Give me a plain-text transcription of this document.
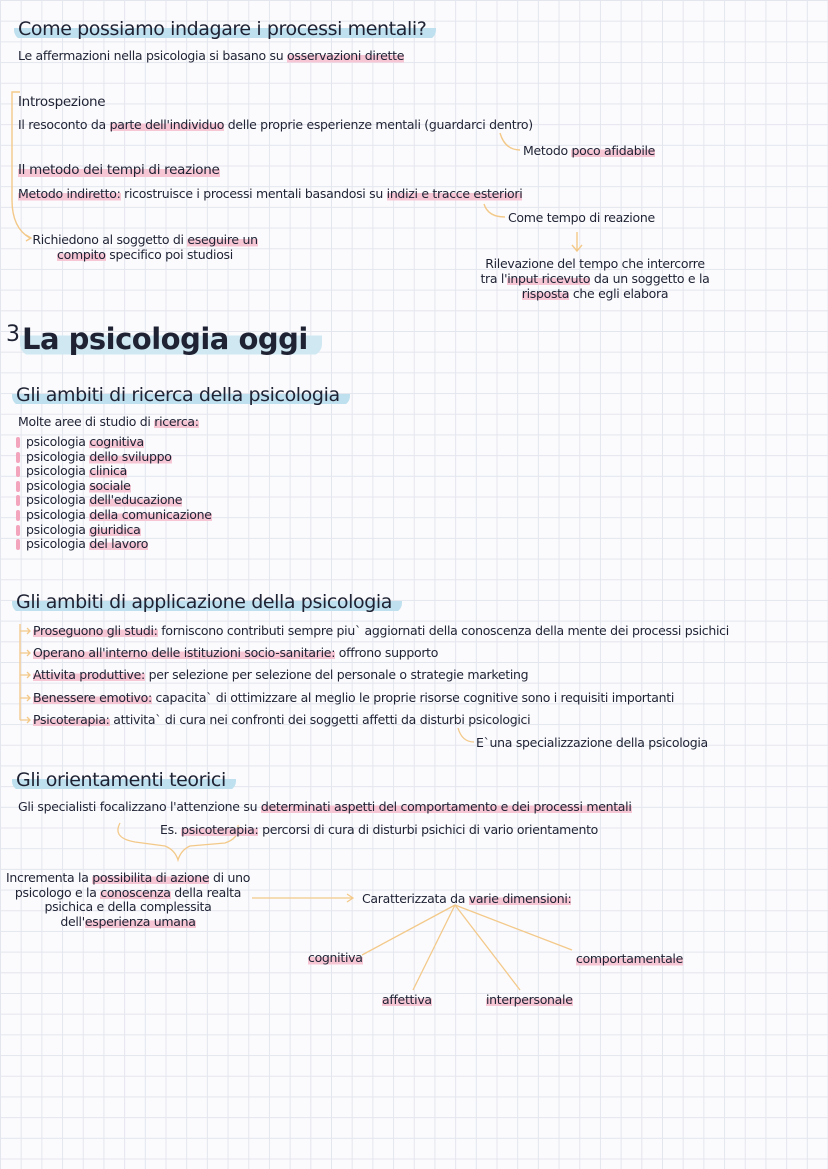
Come possiamo indagare i processi mentali?
Le affermazioni nella psicologia si basano su osservazioni dirette
Introspezione
Il resoconto da parte dell'individuo delle proprie esperienze mentali (guardarci dentro)
Metodo poco afidabile
Il metodo dei tempi di reazione
Metodo indiretto: ricostruisce i processi mentali basandosi su indizi e tracce esteriori
Come tempo di reazione
Richiedono al soggetto di eseguire un
compito specifico poi studiosi
Rilevazione del tempo che intercorre
tra l'input ricevuto da un soggetto e la
risposta che egli elabora
3La psicologia oggi
Gli ambiti di ricerca della psicologia
Molte aree di studio di ricerca:
psicologia cognitiva
psicologia dello sviluppo
psicologia clinica
psicologia sociale
psicologia dell'educazione
psicologia della comunicazione
psicologia giuridica
psicologia del lavoro
Gli ambiti di applicazione della psicologia
Proseguono gli studi: forniscono contributi sempre piu` aggiornati della conoscenza della mente dei processi psichici
Operano all'interno delle istituzioni socio-sanitarie: offrono supporto
Attivita produttive: per selezione per selezione del personale o strategie marketing
Benessere emotivo: capacita` di ottimizzare al meglio le proprie risorse cognitive sono i requisiti importanti
Psicoterapia: attivita` di cura nei confronti dei soggetti affetti da disturbi psicologici
E`una specializzazione della psicologia
Gli orientamenti teorici
Gli specialisti focalizzano l'attenzione su determinati aspetti del comportamento e dei processi mentali
Es. psicoterapia: percorsi di cura di disturbi psichici di vario orientamento
Incrementa la possibilita di azione di uno
psicologo e la conoscenza della realta
psichica e della complessita
dell'esperienza umana
Caratterizzata da varie dimensioni:
cognitiva
affettiva	interpersonale
comportamentale
